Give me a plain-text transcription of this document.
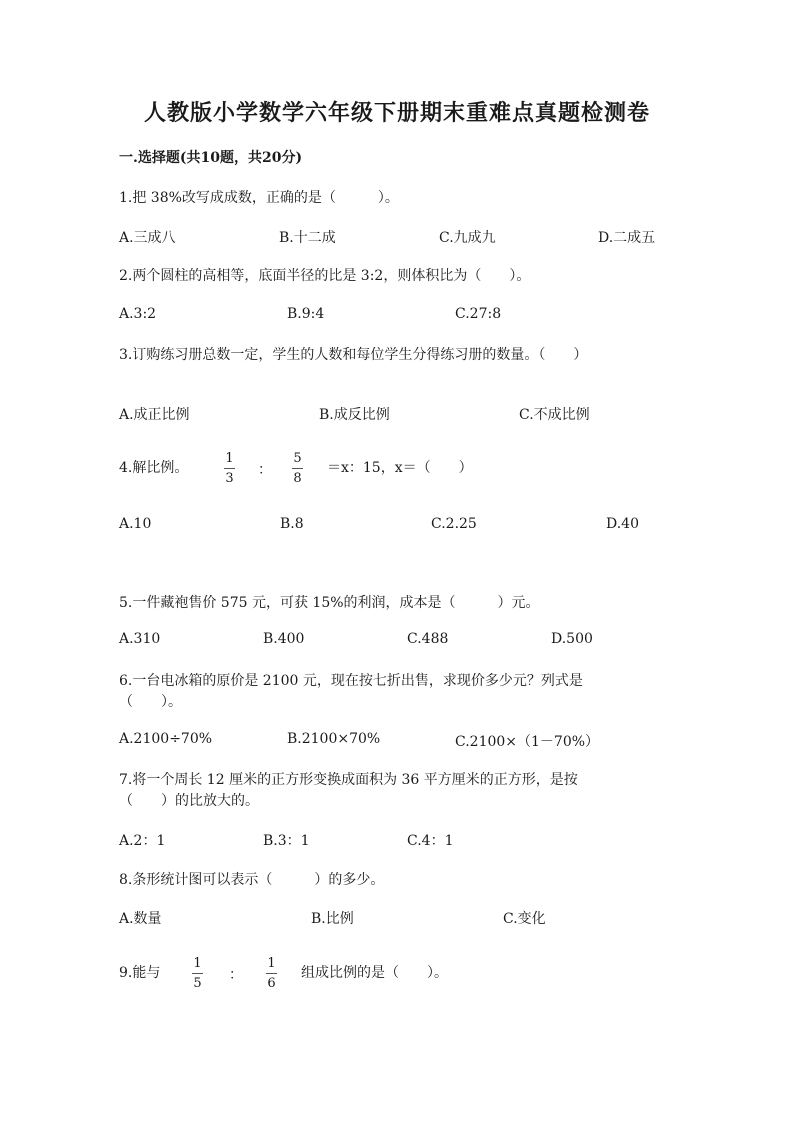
人教版小学数学六年级下册期末重难点真题检测卷
一.选择题(共10题，共20分)
1.把 38%改写成成数，正确的是（　　　）。
A.三成八	B.十二成	C.九成九	D.二成五
2.两个圆柱的高相等，底面半径的比是 3:2，则体积比为（　　）。
A.3:2	B.9:4	C.27:8
3.订购练习册总数一定，学生的人数和每位学生分得练习册的数量。（　　）
A.成正比例	B.成反比例	C.不成比例
4.解比例。
1
3
：
5
8
＝x：15，x＝（　　）
A.10	B.8	C.2.25	D.40
5.一件藏袍售价 575 元，可获 15%的利润，成本是（　　　）元。
A.310	B.400	C.488	D.500
6.一台电冰箱的原价是 2100 元，现在按七折出售，求现价多少元？列式是
（　　）。
A.2100÷70%	B.2100×70%	C.2100×（1－70%）
7.将一个周长 12 厘米的正方形变换成面积为 36 平方厘米的正方形，是按
（　　）的比放大的。
A.2：1	B.3：1	C.4：1
8.条形统计图可以表示（　　　）的多少。
A.数量	B.比例	C.变化
9.能与
1
5
：
1
6
组成比例的是（　　）。
